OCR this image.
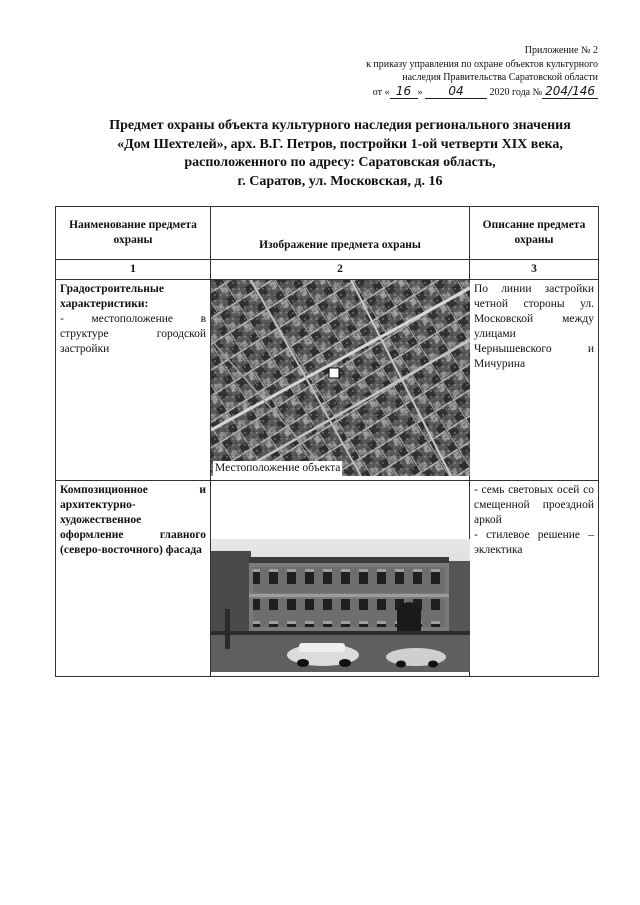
Приложение № 2
к приказу управления по охране объектов культурного
наследия Правительства Саратовской области
от « 16 » 04	2020 года № 204/146
Предмет охраны объекта культурного наследия регионального значения
«Дом Шехтелей», арх. В.Г. Петров, постройки 1-ой четверти XIX века,
расположенного по адресу: Саратовская область,
г. Саратов, ул. Московская, д. 16
Наименование предмета охраны	Изображение предмета охраны	Описание предмета охраны
1	2	3

Градостроительные характеристики:
- местоположение в структуре городской застройки	Местоположение объекта	По линии застройки четной стороны ул. Московской между улицами Чернышевского и Мичурина

Композиционное и архитектурно-художественное оформление главного (северо-восточного) фасада		- семь световых осей со смещенной проездной аркой
- стилевое решение – эклектика
